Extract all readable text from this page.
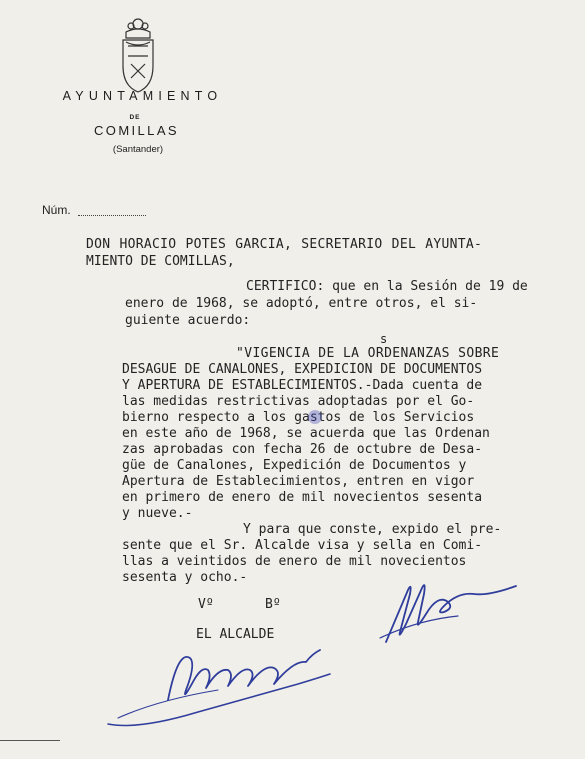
AYUNTAMIENTO
DE
COMILLAS
(Santander)
Núm.
DON HORACIO POTES GARCIA, SECRETARIO DEL AYUNTA-
MIENTO DE COMILLAS,
CERTIFICO: que en la Sesión de 19 de
enero de 1968, se adoptó, entre otros, el si-
guiente acuerdo:
s
"VIGENCIA DE LA ORDENANZAS SOBRE
DESAGUE DE CANALONES, EXPEDICION DE DOCUMENTOS
Y APERTURA DE ESTABLECIMIENTOS.-Dada cuenta de
las medidas restrictivas adoptadas por el Go-
bierno respecto a los gastos de los Servicios
en este año de 1968, se acuerda que las Ordenan
zas aprobadas con fecha 26 de octubre de Desa-
güe de Canalones, Expedición de Documentos y
Apertura de Establecimientos, entren en vigor
en primero de enero de mil novecientos sesenta
y nueve.-
Y para que conste, expido el pre-
sente que el Sr. Alcalde visa y sella en Comi-
llas a veintidos de enero de mil novecientos
sesenta y ocho.-
Vº	Bº
EL ALCALDE
